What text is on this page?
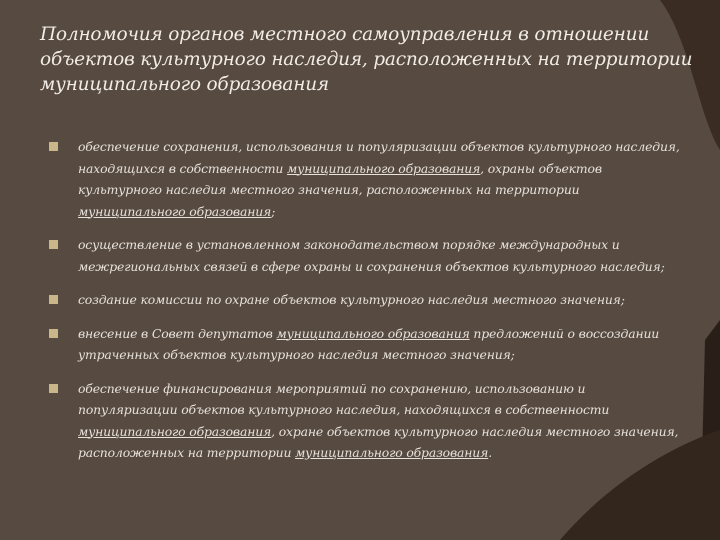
Полномочия органов местного самоуправления в отношении объектов культурного наследия, расположенных на территории муниципального образования
обеспечение сохранения, использования и популяризации объектов культурного наследия, находящихся в собственности муниципального образования, охраны объектов культурного наследия местного значения, расположенных на территории муниципального образования;
осуществление в установленном законодательством порядке международных и межрегиональных связей в сфере охраны и сохранения объектов культурного наследия;
создание комиссии по охране объектов культурного наследия местного значения;
внесение в Совет депутатов муниципального образования предложений о воссоздании утраченных объектов культурного наследия местного значения;
обеспечение финансирования мероприятий по сохранению, использованию и популяризации объектов культурного наследия, находящихся в собственности муниципального образования, охране объектов культурного наследия местного значения, расположенных на территории муниципального образования.
